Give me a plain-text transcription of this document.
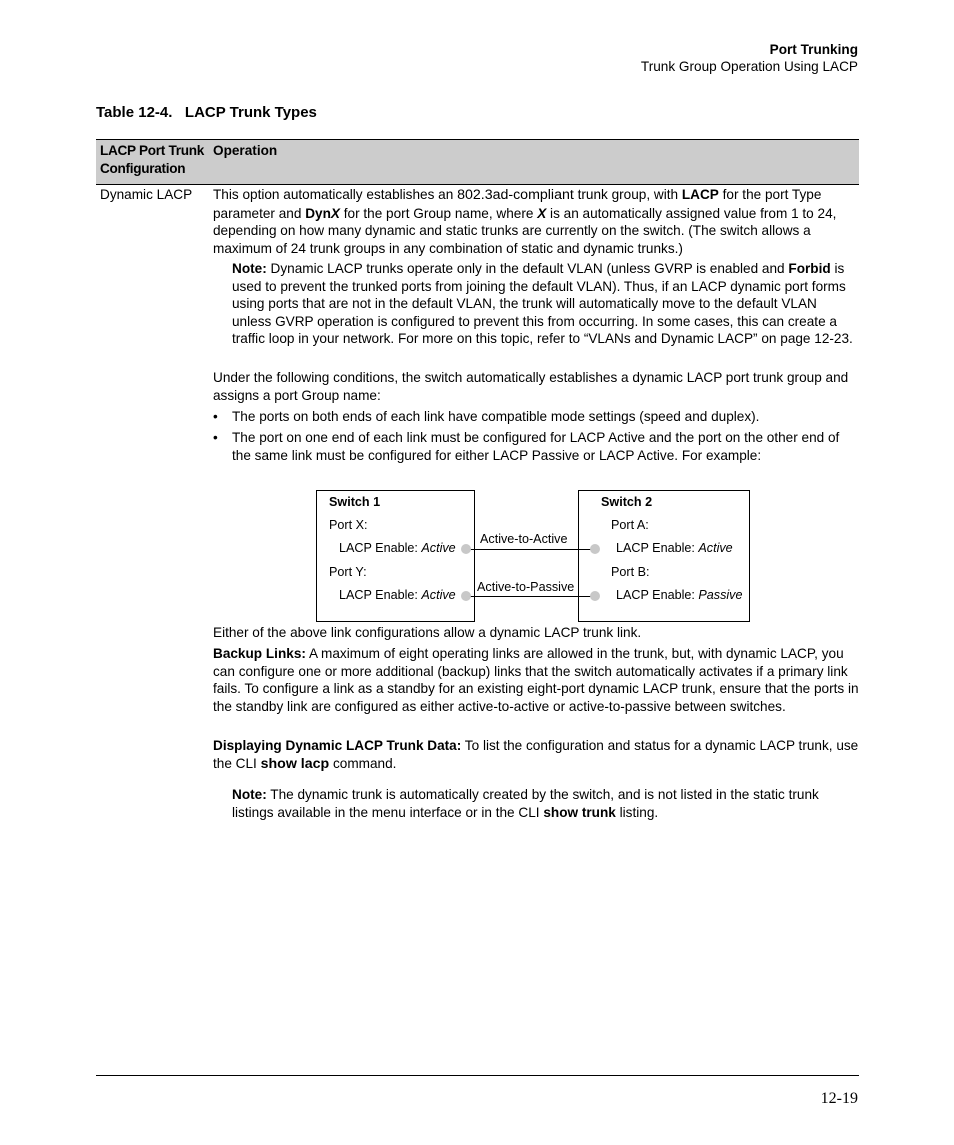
Port Trunking
Trunk Group Operation Using LACP
Table 12-4.   LACP Trunk Types
LACP Port Trunk Configuration
Operation
Dynamic LACP This option automatically establishes an 802.3ad-compliant trunk group, with LACP for the port Type parameter and DynX for the port Group name, where X is an automatically assigned value from 1 to 24, depending on how many dynamic and static trunks are currently on the switch. (The switch allows a maximum of 24 trunk groups in any combination of static and dynamic trunks.)
Note: Dynamic LACP trunks operate only in the default VLAN (unless GVRP is enabled and Forbid is used to prevent the trunked ports from joining the default VLAN). Thus, if an LACP dynamic port forms using ports that are not in the default VLAN, the trunk will automatically move to the default VLAN unless GVRP operation is configured to prevent this from occurring. In some cases, this can create a traffic loop in your network. For more on this topic, refer to “VLANs and Dynamic LACP” on page 12-23.
Under the following conditions, the switch automatically establishes a dynamic LACP port trunk group and assigns a port Group name:
• The ports on both ends of each link have compatible mode settings (speed and duplex).
• The port on one end of each link must be configured for LACP Active and the port on the other end of the same link must be configured for either LACP Passive or LACP Active. For example:
Switch 1
Port X:
LACP Enable: Active
Port Y:
LACP Enable: Active
Switch 2
Port A:
LACP Enable: Active
Port B:
LACP Enable: Passive
Active-to-Active
Active-to-Passive
Either of the above link configurations allow a dynamic LACP trunk link.
Backup Links: A maximum of eight operating links are allowed in the trunk, but, with dynamic LACP, you can configure one or more additional (backup) links that the switch automatically activates if a primary link fails. To configure a link as a standby for an existing eight-port dynamic LACP trunk, ensure that the ports in the standby link are configured as either active-to-active or active-to-passive between switches.
Displaying Dynamic LACP Trunk Data: To list the configuration and status for a dynamic LACP trunk, use the CLI show lacp command.
Note: The dynamic trunk is automatically created by the switch, and is not listed in the static trunk listings available in the menu interface or in the CLI show trunk listing.
12-19
